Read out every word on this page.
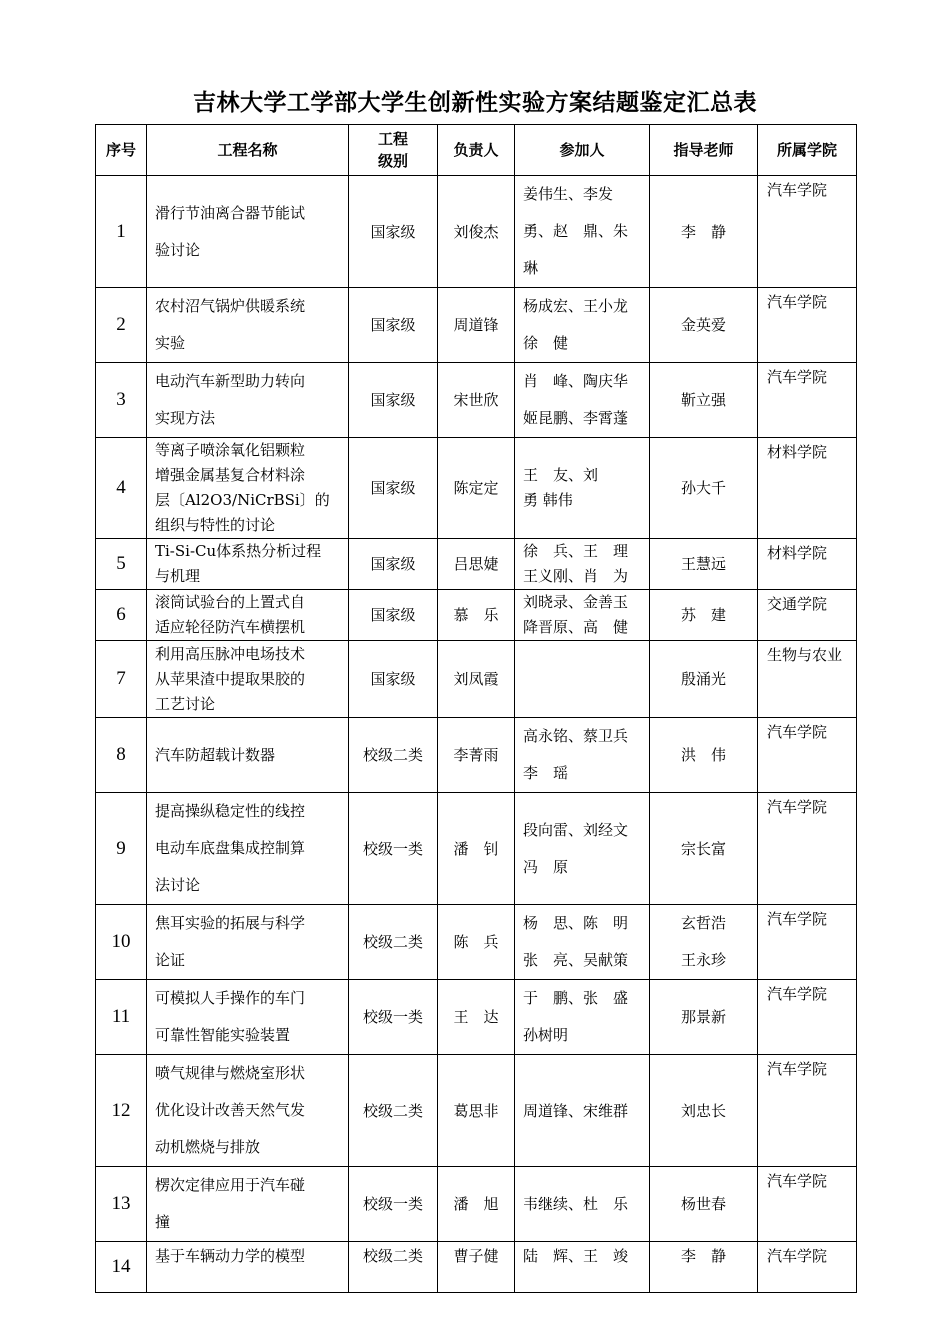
吉林大学工学部大学生创新性实验方案结题鉴定汇总表
序号	工程名称	工程
级别	负责人	参加人	指导老师	所属学院
1	滑行节油离合器节能试
验讨论	国家级	刘俊杰	姜伟生、李发
勇、赵　鼎、朱
琳	李　静	汽车学院
2	农村沼气锅炉供暖系统
实验	国家级	周道锋	杨成宏、王小龙
徐　健	金英爱	汽车学院
3	电动汽车新型助力转向
实现方法	国家级	宋世欣	肖　峰、陶庆华
姬昆鹏、李霄蓬	靳立强	汽车学院
4	等离子喷涂氧化铝颗粒
增强金属基复合材料涂
层〔Al2O3/NiCrBSi〕的
组织与特性的讨论	国家级	陈定定	王　友、刘
勇 韩伟	孙大千	材料学院
5	Ti-Si-Cu体系热分析过程
与机理	国家级	吕思婕	徐　兵、王　理
王义刚、肖　为	王慧远	材料学院
6	滚筒试验台的上置式自
适应轮径防汽车横摆机	国家级	慕　乐	刘晓录、金善玉
降晋原、高　健	苏　建	交通学院
7	利用高压脉冲电场技术
从苹果渣中提取果胶的
工艺讨论	国家级	刘凤霞		殷涌光	生物与农业
8	汽车防超载计数器	校级二类	李菁雨	高永铭、蔡卫兵
李　瑶	洪　伟	汽车学院
9	提高操纵稳定性的线控
电动车底盘集成控制算
法讨论	校级一类	潘　钊	段向雷、刘经文
冯　原	宗长富	汽车学院
10	焦耳实验的拓展与科学
论证	校级二类	陈　兵	杨　思、陈　明
张　亮、吴献策	玄哲浩
王永珍	汽车学院
11	可模拟人手操作的车门
可靠性智能实验装置	校级一类	王　达	于　鹏、张　盛
孙树明	那景新	汽车学院
12	喷气规律与燃烧室形状
优化设计改善天然气发
动机燃烧与排放	校级二类	葛思非	周道锋、宋维群	刘忠长	汽车学院
13	楞次定律应用于汽车碰
撞	校级一类	潘　旭	韦继续、杜　乐	杨世春	汽车学院
14	基于车辆动力学的模型	校级二类	曹子健	陆　辉、王　竣	李　静	汽车学院
